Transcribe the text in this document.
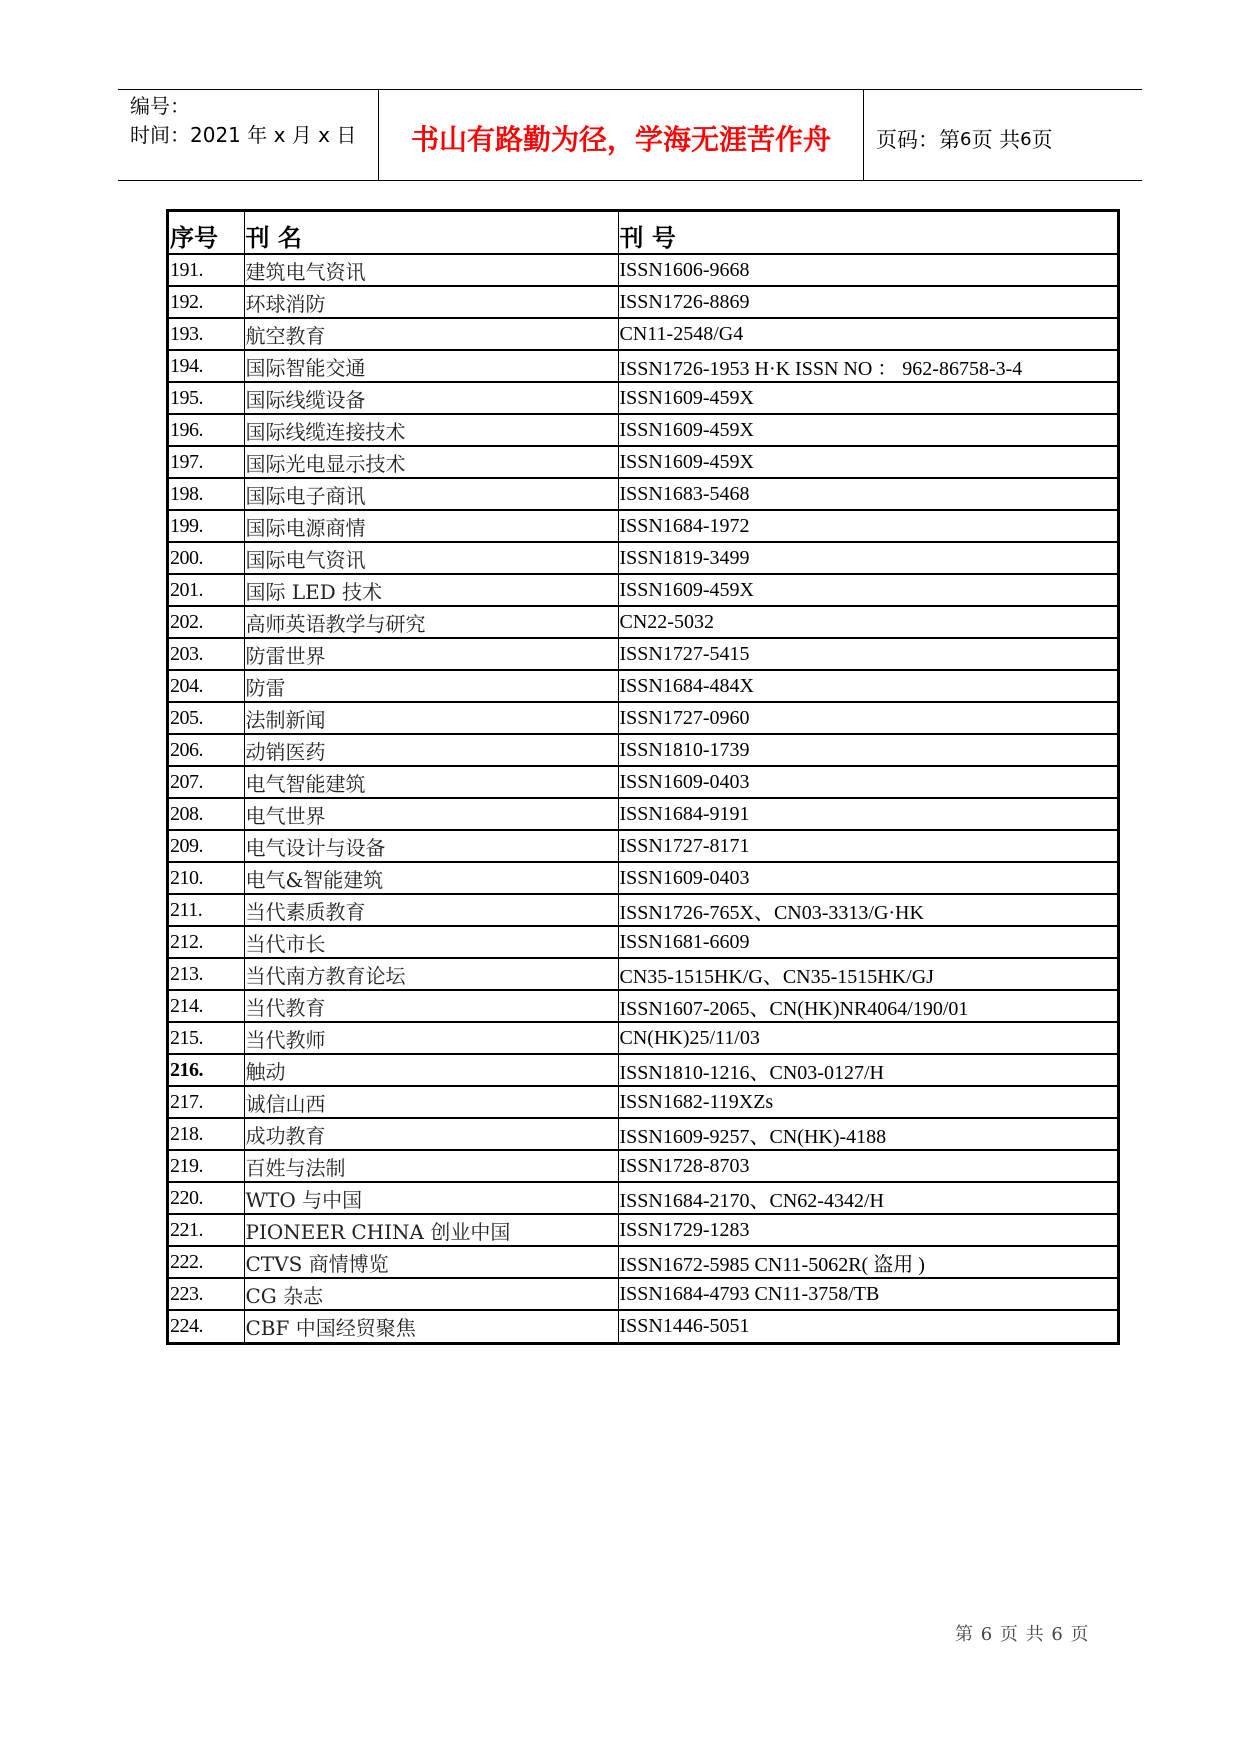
编号：
时间：2021 年 x 月 x 日	书山有路勤为径，学海无涯苦作舟 页码：第 6 页 共 6 页
序号	刊 名	刊 号
191.	建筑电气资讯	ISSN1606-9668
192.	环球消防	ISSN1726-8869
193.	航空教育	CN11-2548/G4
194.	国际智能交通	ISSN1726-1953 H·K ISSN NO ： 962-86758-3-4
195.	国际线缆设备	ISSN1609-459X
196.	国际线缆连接技术	ISSN1609-459X
197.	国际光电显示技术	ISSN1609-459X
198.	国际电子商讯	ISSN1683-5468
199.	国际电源商情	ISSN1684-1972
200.	国际电气资讯	ISSN1819-3499
201.	国际 LED 技术	ISSN1609-459X
202.	高师英语教学与研究	CN22-5032
203.	防雷世界	ISSN1727-5415
204.	防雷	ISSN1684-484X
205.	法制新闻	ISSN1727-0960
206.	动销医药	ISSN1810-1739
207.	电气智能建筑	ISSN1609-0403
208.	电气世界	ISSN1684-9191
209.	电气设计与设备	ISSN1727-8171
210.	电气&智能建筑	ISSN1609-0403
211.	当代素质教育	ISSN1726-765X、CN03-3313/G·HK
212.	当代市长	ISSN1681-6609
213.	当代南方教育论坛	CN35-1515HK/G、CN35-1515HK/GJ
214.	当代教育	ISSN1607-2065、CN(HK)NR4064/190/01
215.	当代教师	CN(HK)25/11/03
216.	触动	ISSN1810-1216、CN03-0127/H
217.	诚信山西	ISSN1682-119XZs
218.	成功教育	ISSN1609-9257、CN(HK)-4188
219.	百姓与法制	ISSN1728-8703
220.	WTO 与中国	ISSN1684-2170、CN62-4342/H
221.	PIONEER CHINA 创业中国	ISSN1729-1283
222.	CTVS 商情博览	ISSN1672-5985 CN11-5062R( 盗用 )
223.	CG 杂志	ISSN1684-4793 CN11-3758/TB
224.	CBF 中国经贸聚焦	ISSN1446-5051
第 6 页 共 6 页
